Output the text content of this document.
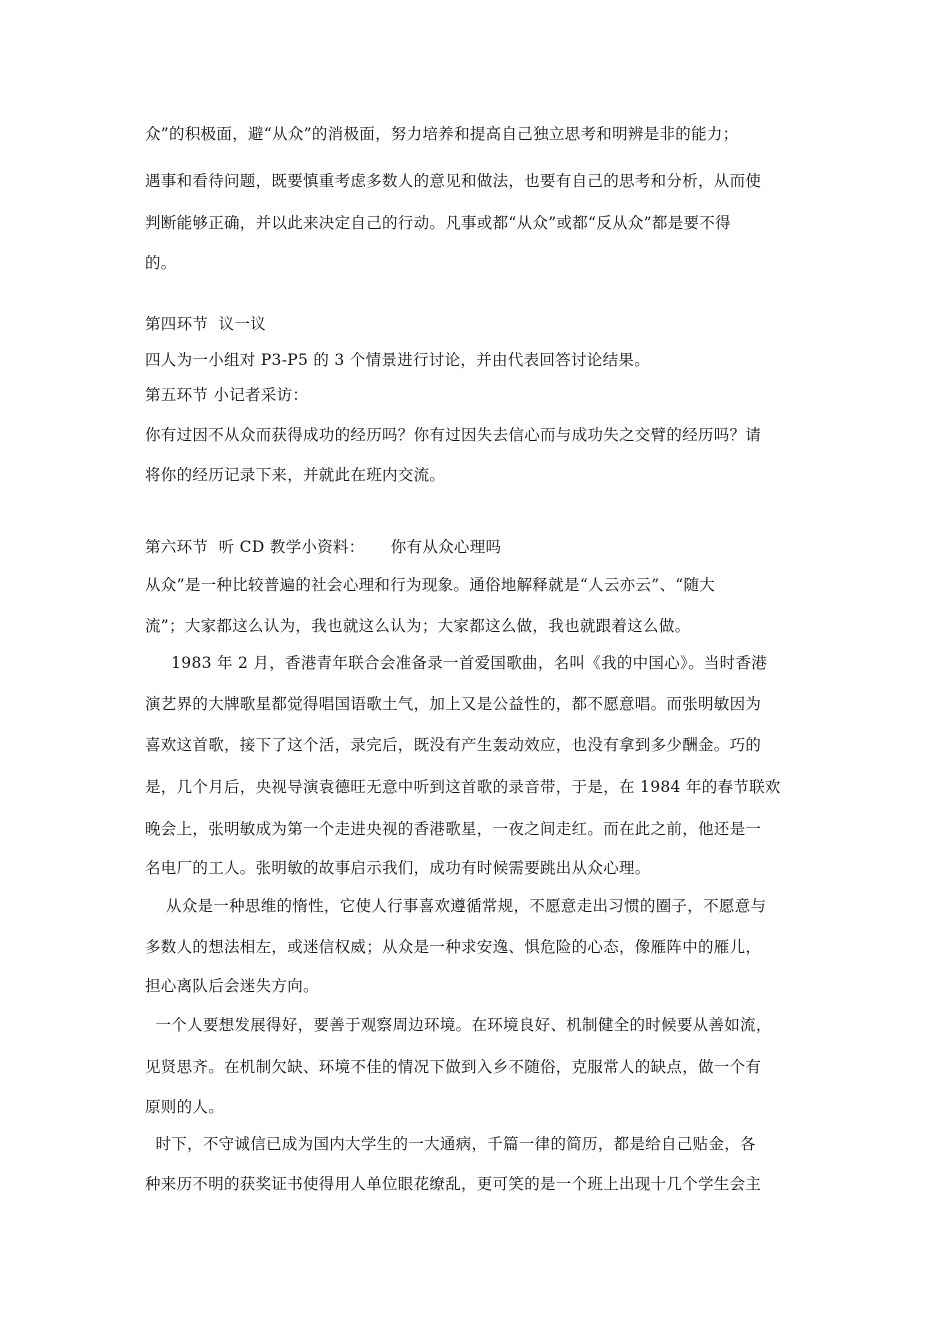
众”的积极面，避“从众”的消极面，努力培养和提高自己独立思考和明辨是非的能力；
遇事和看待问题，既要慎重考虑多数人的意见和做法，也要有自己的思考和分析，从而使
判断能够正确，并以此来决定自己的行动。凡事或都“从众”或都“反从众”都是要不得
的。
第四环节  议一议
四人为一小组对 P3-P5 的 3 个情景进行讨论，并由代表回答讨论结果。
第五环节 小记者采访：
你有过因不从众而获得成功的经历吗？你有过因失去信心而与成功失之交臂的经历吗？请
将你的经历记录下来，并就此在班内交流。
第六环节  听 CD 教学小资料：     你有从众心理吗
从众”是一种比较普遍的社会心理和行为现象。通俗地解释就是“人云亦云”、“随大
流”；大家都这么认为，我也就这么认为；大家都这么做，我也就跟着这么做。
1983 年 2 月，香港青年联合会准备录一首爱国歌曲，名叫《我的中国心》。当时香港
演艺界的大牌歌星都觉得唱国语歌土气，加上又是公益性的，都不愿意唱。而张明敏因为
喜欢这首歌，接下了这个活，录完后，既没有产生轰动效应，也没有拿到多少酬金。巧的
是，几个月后，央视导演袁德旺无意中听到这首歌的录音带，于是，在 1984 年的春节联欢
晚会上，张明敏成为第一个走进央视的香港歌星，一夜之间走红。而在此之前，他还是一
名电厂的工人。张明敏的故事启示我们，成功有时候需要跳出从众心理。
从众是一种思维的惰性，它使人行事喜欢遵循常规，不愿意走出习惯的圈子，不愿意与
多数人的想法相左，或迷信权威；从众是一种求安逸、惧危险的心态，像雁阵中的雁儿，
担心离队后会迷失方向。
一个人要想发展得好，要善于观察周边环境。在环境良好、机制健全的时候要从善如流，
见贤思齐。在机制欠缺、环境不佳的情况下做到入乡不随俗，克服常人的缺点，做一个有
原则的人。
时下，不守诚信已成为国内大学生的一大通病，千篇一律的简历，都是给自己贴金，各
种来历不明的获奖证书使得用人单位眼花缭乱，更可笑的是一个班上出现十几个学生会主
